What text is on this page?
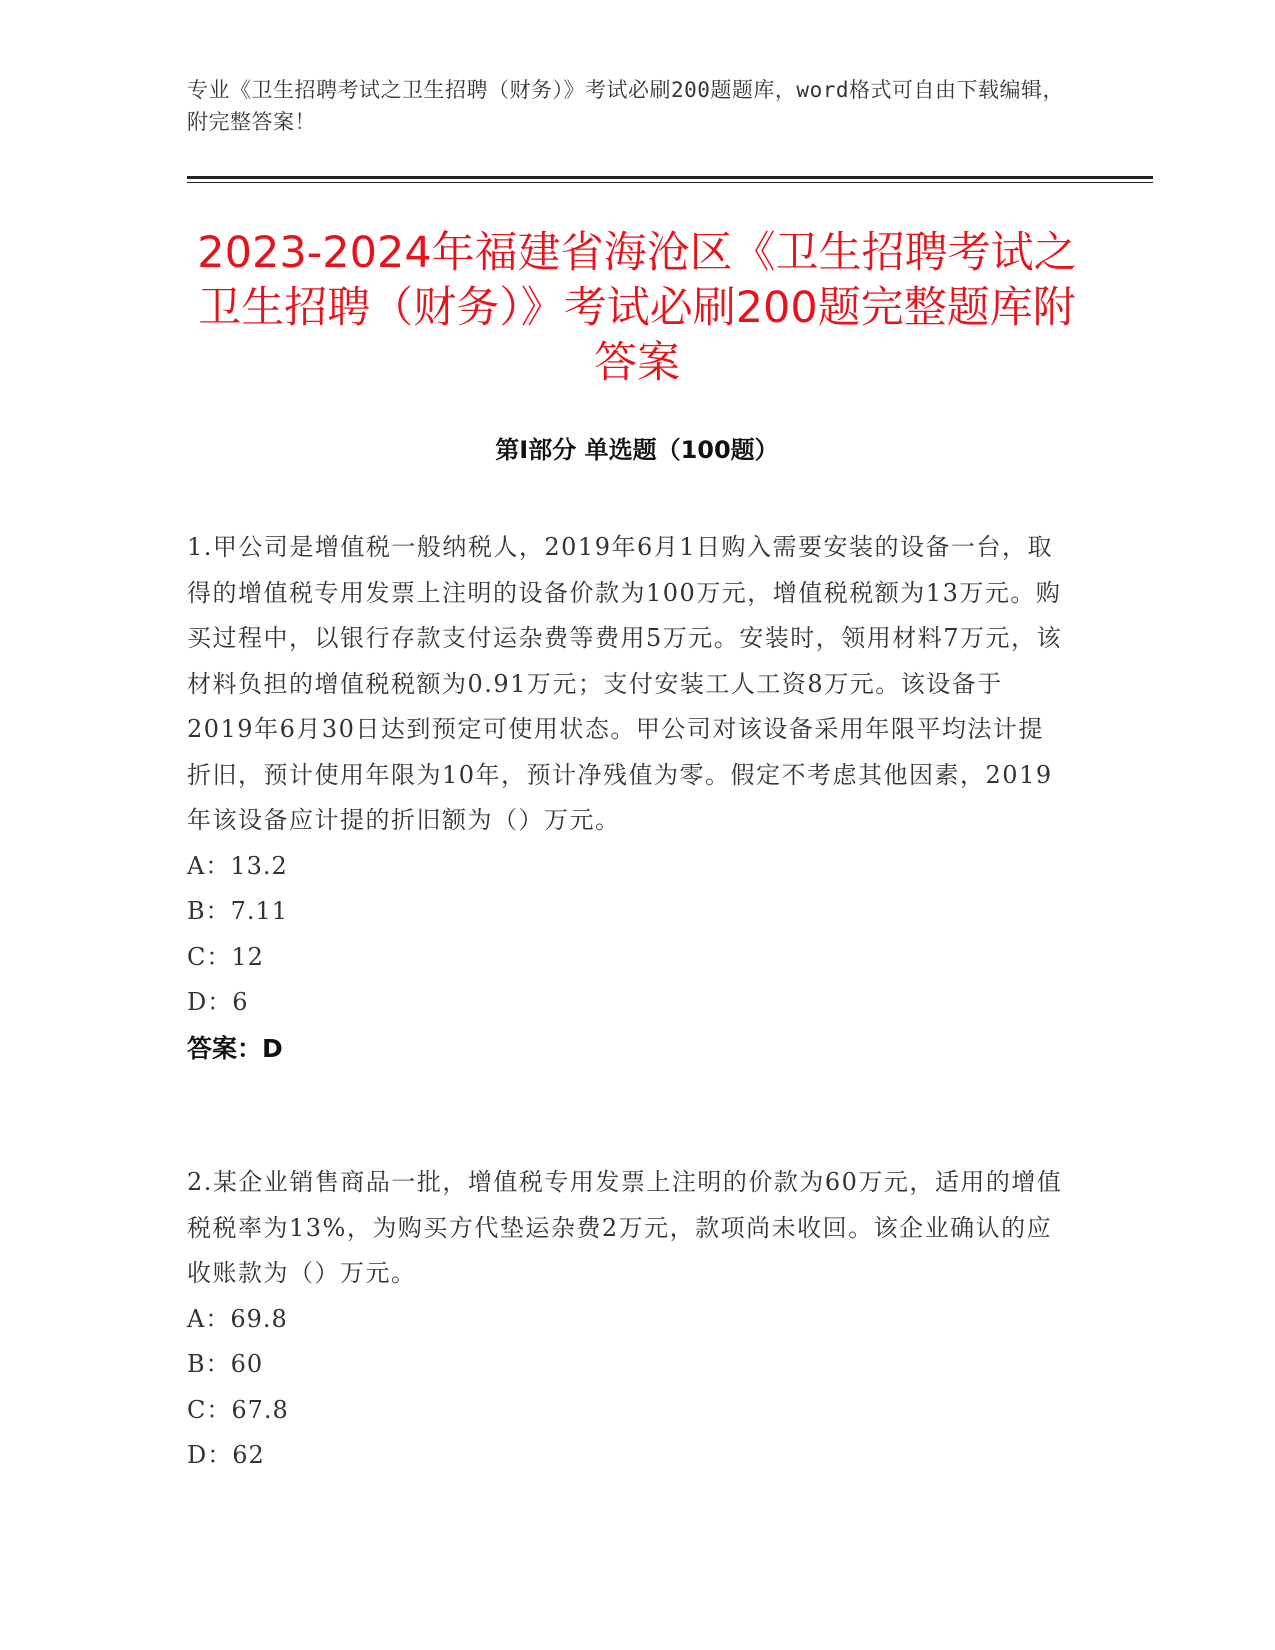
专业《卫生招聘考试之卫生招聘（财务）》考试必刷200题题库，word格式可自由下载编辑，附完整答案！
2023-2024年福建省海沧区《卫生招聘考试之卫生招聘（财务）》考试必刷200题完整题库附答案
第Ⅰ部分 单选题（100题）

1.甲公司是增值税一般纳税人，2019年6月1日购入需要安装的设备一台，取得的增值税专用发票上注明的设备价款为100万元，增值税税额为13万元。购买过程中，以银行存款支付运杂费等费用5万元。安装时，领用材料7万元，该材料负担的增值税税额为0.91万元；支付安装工人工资8万元。该设备于2019年6月30日达到预定可使用状态。甲公司对该设备采用年限平均法计提折旧，预计使用年限为10年，预计净残值为零。假定不考虑其他因素，2019年该设备应计提的折旧额为（）万元。

A：13.2

B：7.11

C：12

D：6

答案：D

2.某企业销售商品一批，增值税专用发票上注明的价款为60万元，适用的增值税税率为13%，为购买方代垫运杂费2万元，款项尚未收回。该企业确认的应收账款为（）万元。

A：69.8

B：60

C：67.8

D：62
